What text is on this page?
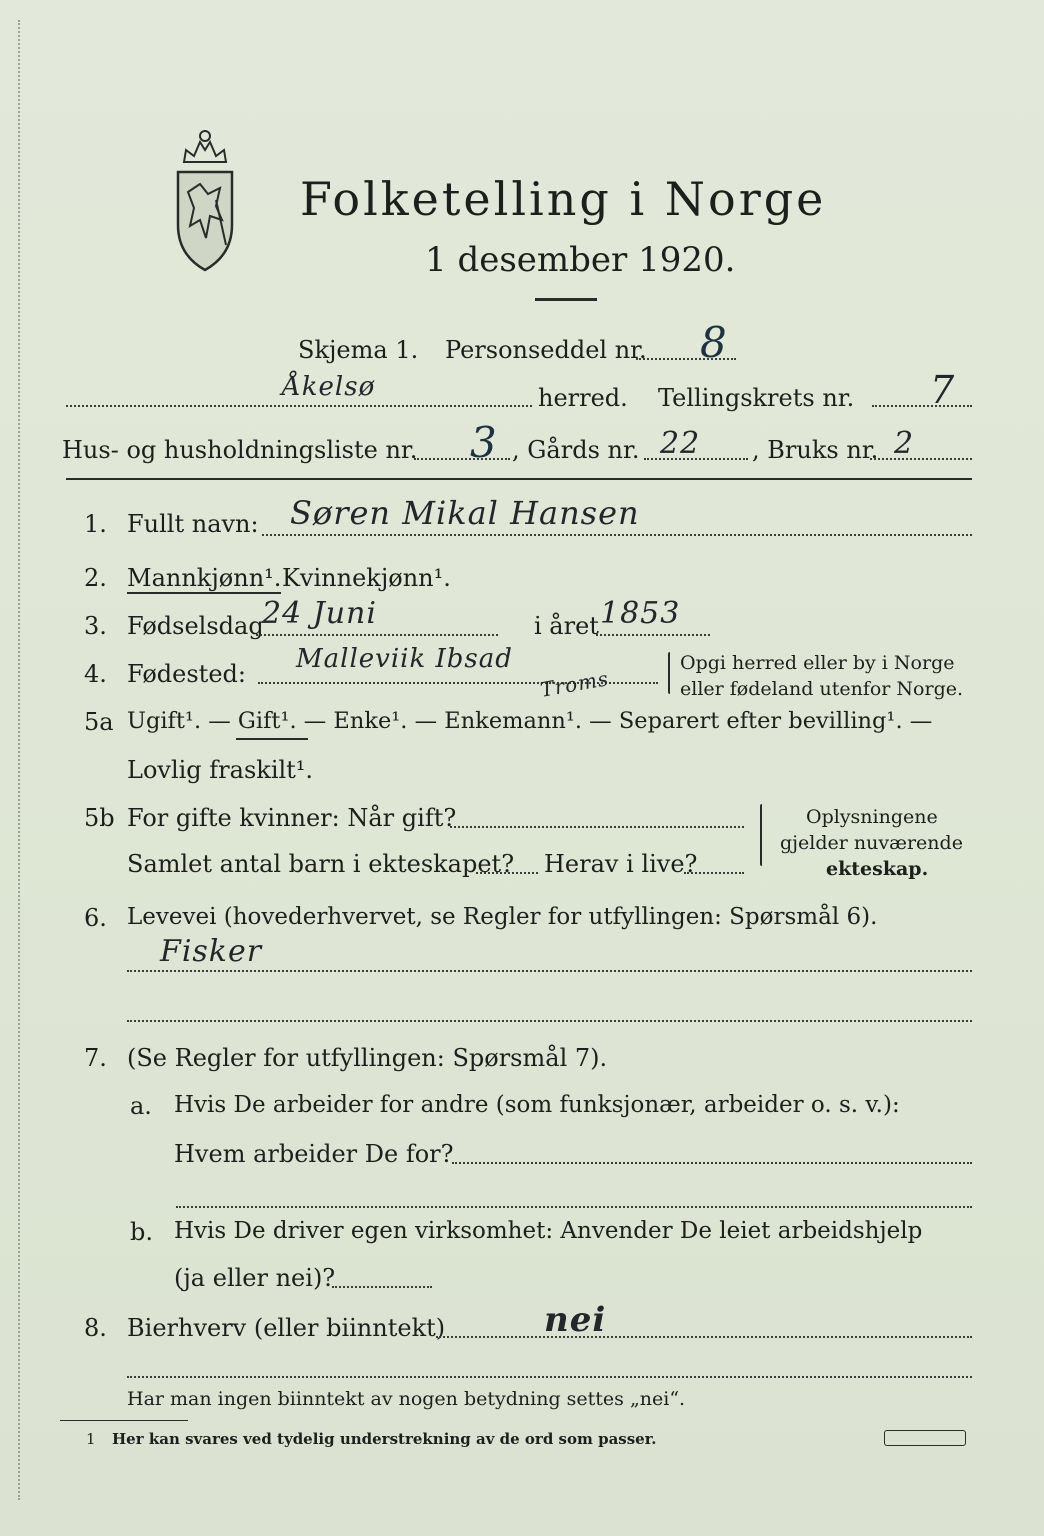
Folketelling i Norge
1 desember 1920.
Skjema 1. Personseddel nr. 8
Åkelsø	herred. Tellingskrets nr. 7
Hus- og husholdningsliste nr. 3 , Gårds nr. 22 , Bruks nr. 2
1. Fullt navn: Søren Mikal Hansen
2. Mannkjønn¹. Kvinnekjønn¹.
3. Fødselsdag
24 Juni	i året 1853
4. Fødested: Malleviik Ibsad
Troms
Opgi herred eller by i Norge
eller fødeland utenfor Norge.
5a Ugift¹. — Gift¹. — Enke¹. — Enkemann¹. — Separert efter bevilling¹. —
Lovlig fraskilt¹.
5b For gifte kvinner: Når gift?
Samlet antal barn i ekteskapet? Herav i live?
Oplysningene
gjelder nuværende
ekteskap.
6. Levevei (hovederhvervet, se Regler for utfyllingen: Spørsmål 6).
Fisker
7. (Se Regler for utfyllingen: Spørsmål 7).
a. Hvis De arbeider for andre (som funksjonær, arbeider o. s. v.):
Hvem arbeider De for?
b. Hvis De driver egen virksomhet: Anvender De leiet arbeidshjelp
(ja eller nei)?
8. Bierhverv (eller biinntekt)	nei
Har man ingen biinntekt av nogen betydning settes „nei“.
1 Her kan svares ved tydelig understrekning av de ord som passer.
